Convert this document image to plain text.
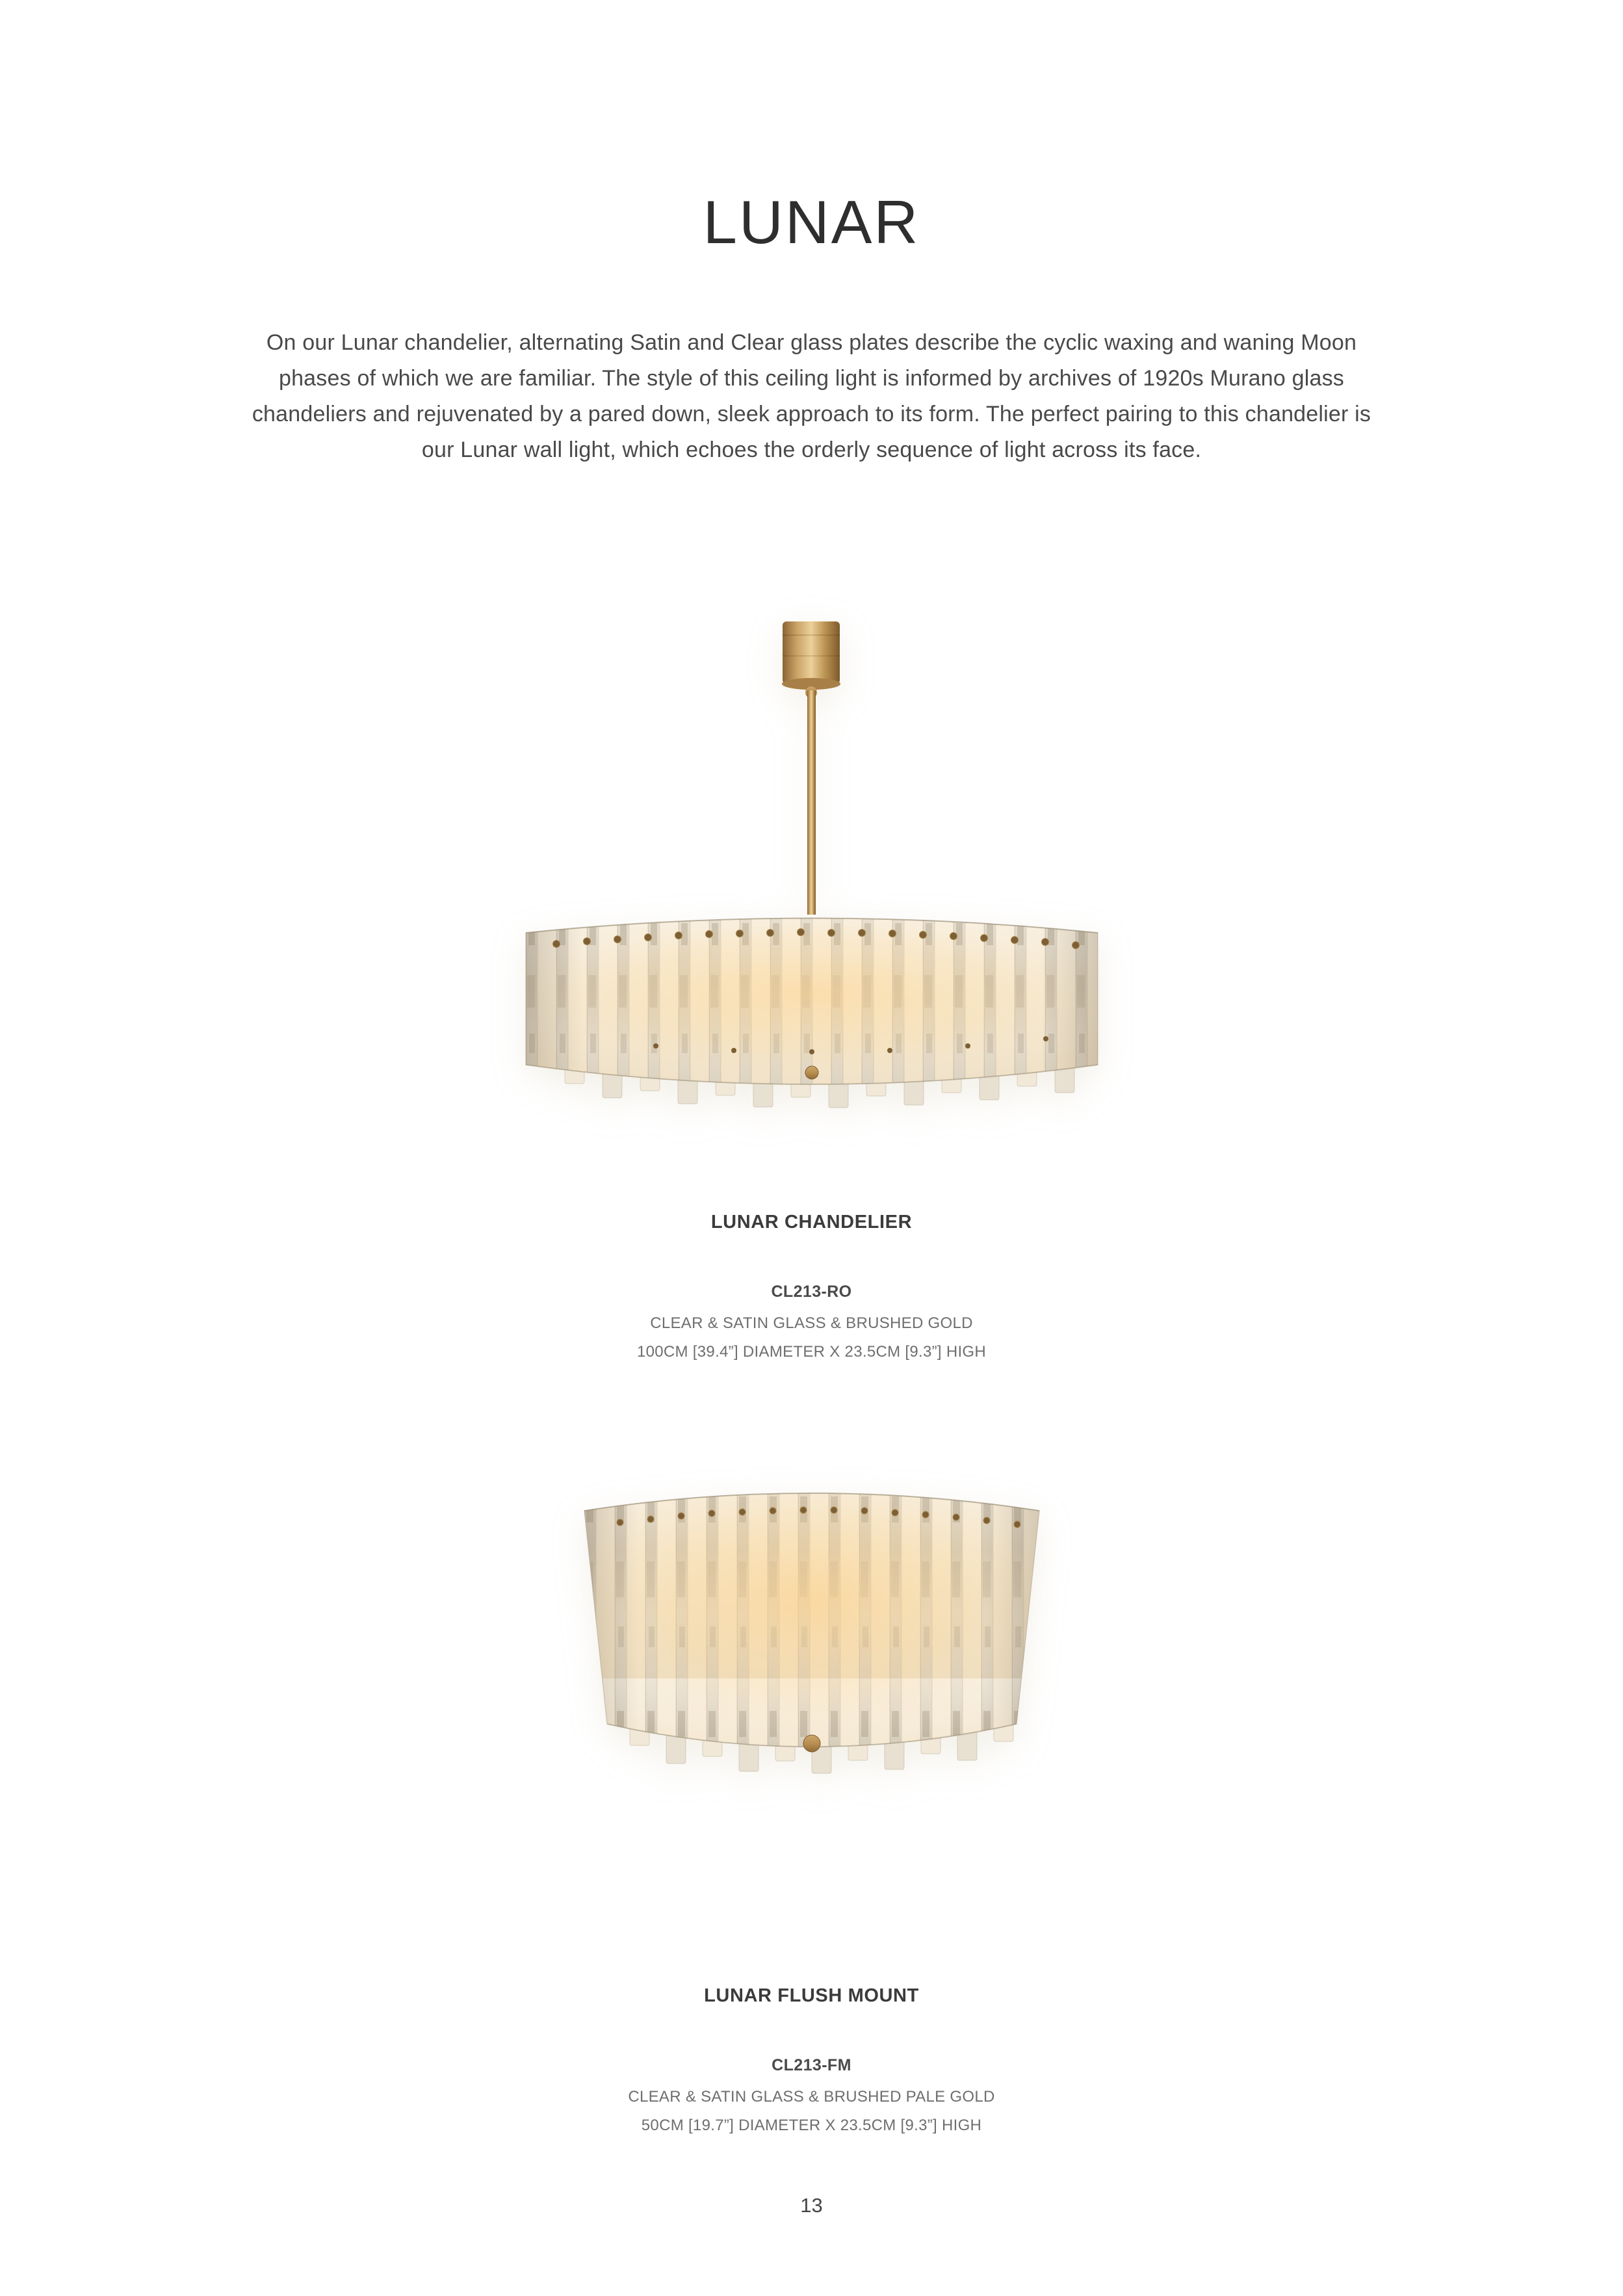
LUNAR
On our Lunar chandelier, alternating Satin and Clear glass plates describe the cyclic waxing and waning Moon
phases of which we are familiar. The style of this ceiling light is informed by archives of 1920s Murano glass
chandeliers and rejuvenated by a pared down, sleek approach to its form. The perfect pairing to this chandelier is
our Lunar wall light, which echoes the orderly sequence of light across its face.
LUNAR CHANDELIER
CL213-RO
CLEAR & SATIN GLASS & BRUSHED GOLD
100CM [39.4”] DIAMETER X 23.5CM [9.3”] HIGH
LUNAR FLUSH MOUNT
CL213-FM
CLEAR & SATIN GLASS & BRUSHED PALE GOLD
50CM [19.7”] DIAMETER X 23.5CM [9.3”] HIGH
13
